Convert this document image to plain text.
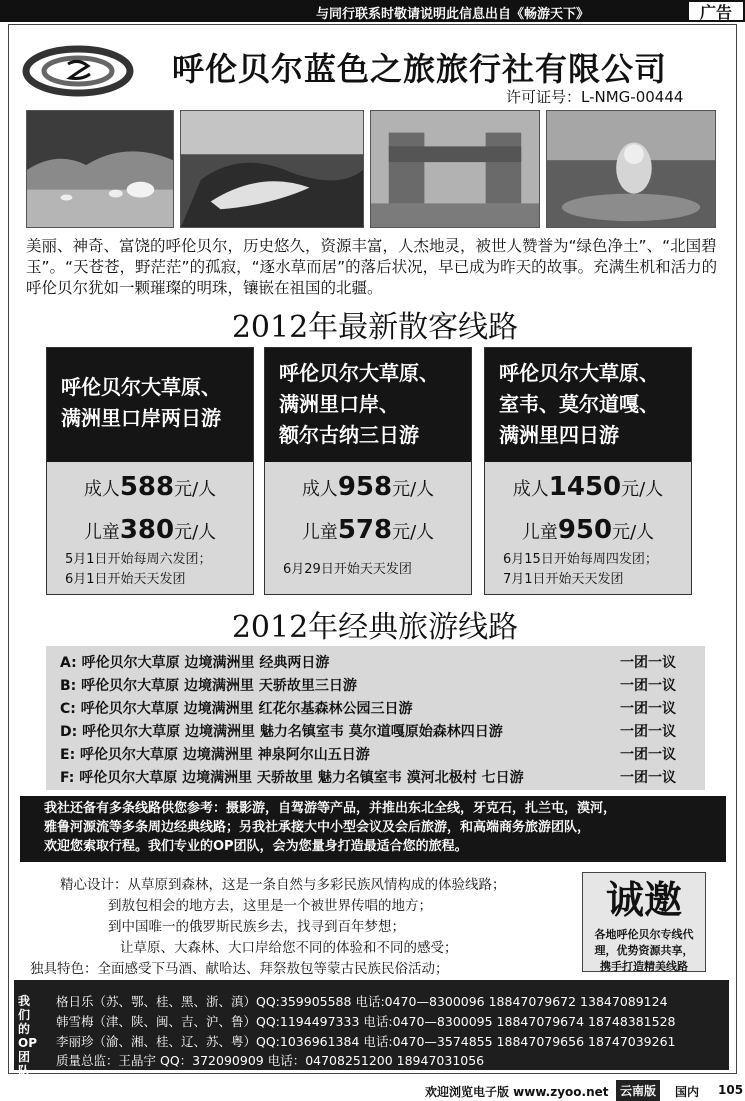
与同行联系时敬请说明此信息出自《畅游天下》	广告
呼伦贝尔蓝色之旅旅行社有限公司
许可证号：L-NMG-00444
美丽、神奇、富饶的呼伦贝尔，历史悠久，资源丰富，人杰地灵，被世人赞誉为“绿色净土”、“北国碧玉”。“天苍苍，野茫茫”的孤寂，“逐水草而居”的落后状况，早已成为昨天的故事。充满生机和活力的呼伦贝尔犹如一颗璀璨的明珠，镶嵌在祖国的北疆。
2012年最新散客线路
呼伦贝尔大草原、
满洲里口岸两日游
成人588元/人
儿童380元/人
5月1日开始每周六发团；
6月1日开始天天发团
呼伦贝尔大草原、
满洲里口岸、
额尔古纳三日游
成人958元/人
儿童578元/人
6月29日开始天天发团
呼伦贝尔大草原、
室韦、莫尔道嘎、
满洲里四日游
成人1450元/人
儿童950元/人
6月15日开始每周四发团；
7月1日开始天天发团
2012年经典旅游线路
A: 呼伦贝尔大草原 边境满洲里 经典两日游	一团一议
B: 呼伦贝尔大草原 边境满洲里 天骄故里三日游	一团一议
C: 呼伦贝尔大草原 边境满洲里 红花尔基森林公园三日游	一团一议
D: 呼伦贝尔大草原 边境满洲里 魅力名镇室韦 莫尔道嘎原始森林四日游	一团一议
E: 呼伦贝尔大草原 边境满洲里 神泉阿尔山五日游	一团一议
F: 呼伦贝尔大草原 边境满洲里 天骄故里 魅力名镇室韦 漠河北极村 七日游	一团一议
我社还备有多条线路供您参考：摄影游，自驾游等产品，并推出东北全线，牙克石，扎兰屯，漠河，
雅鲁河源流等多条周边经典线路；另我社承接大中小型会议及会后旅游，和高端商务旅游团队，
欢迎您索取行程。我们专业的OP团队，会为您量身打造最适合您的旅程。
精心设计：从草原到森林，这是一条自然与多彩民族风情构成的体验线路；
到敖包相会的地方去，这里是一个被世界传唱的地方；
到中国唯一的俄罗斯民族乡去，找寻到百年梦想；
让草原、大森林、大口岸给您不同的体验和不同的感受；
独具特色：全面感受下马酒、献哈达、拜祭敖包等蒙古民族民俗活动；
诚邀
各地呼伦贝尔专线代
理，优势资源共享，
携手打造精美线路
我们的OP团队
格日乐（苏、鄂、桂、黑、浙、滇）QQ:359905588 电话:0470—8300096 18847079672 13847089124
韩雪梅（津、陕、闽、吉、沪、鲁）QQ:1194497333 电话:0470—8300095 18847079674 18748381528
李丽珍（渝、湘、桂、辽、苏、粤）QQ:1036961384 电话:0470—3574855 18847079656 18747039261
质量总监：王晶宇 QQ：372090909 电话：04708251200 18947031056
欢迎浏览电子版 www.zyoo.net 云南版	国内 105
